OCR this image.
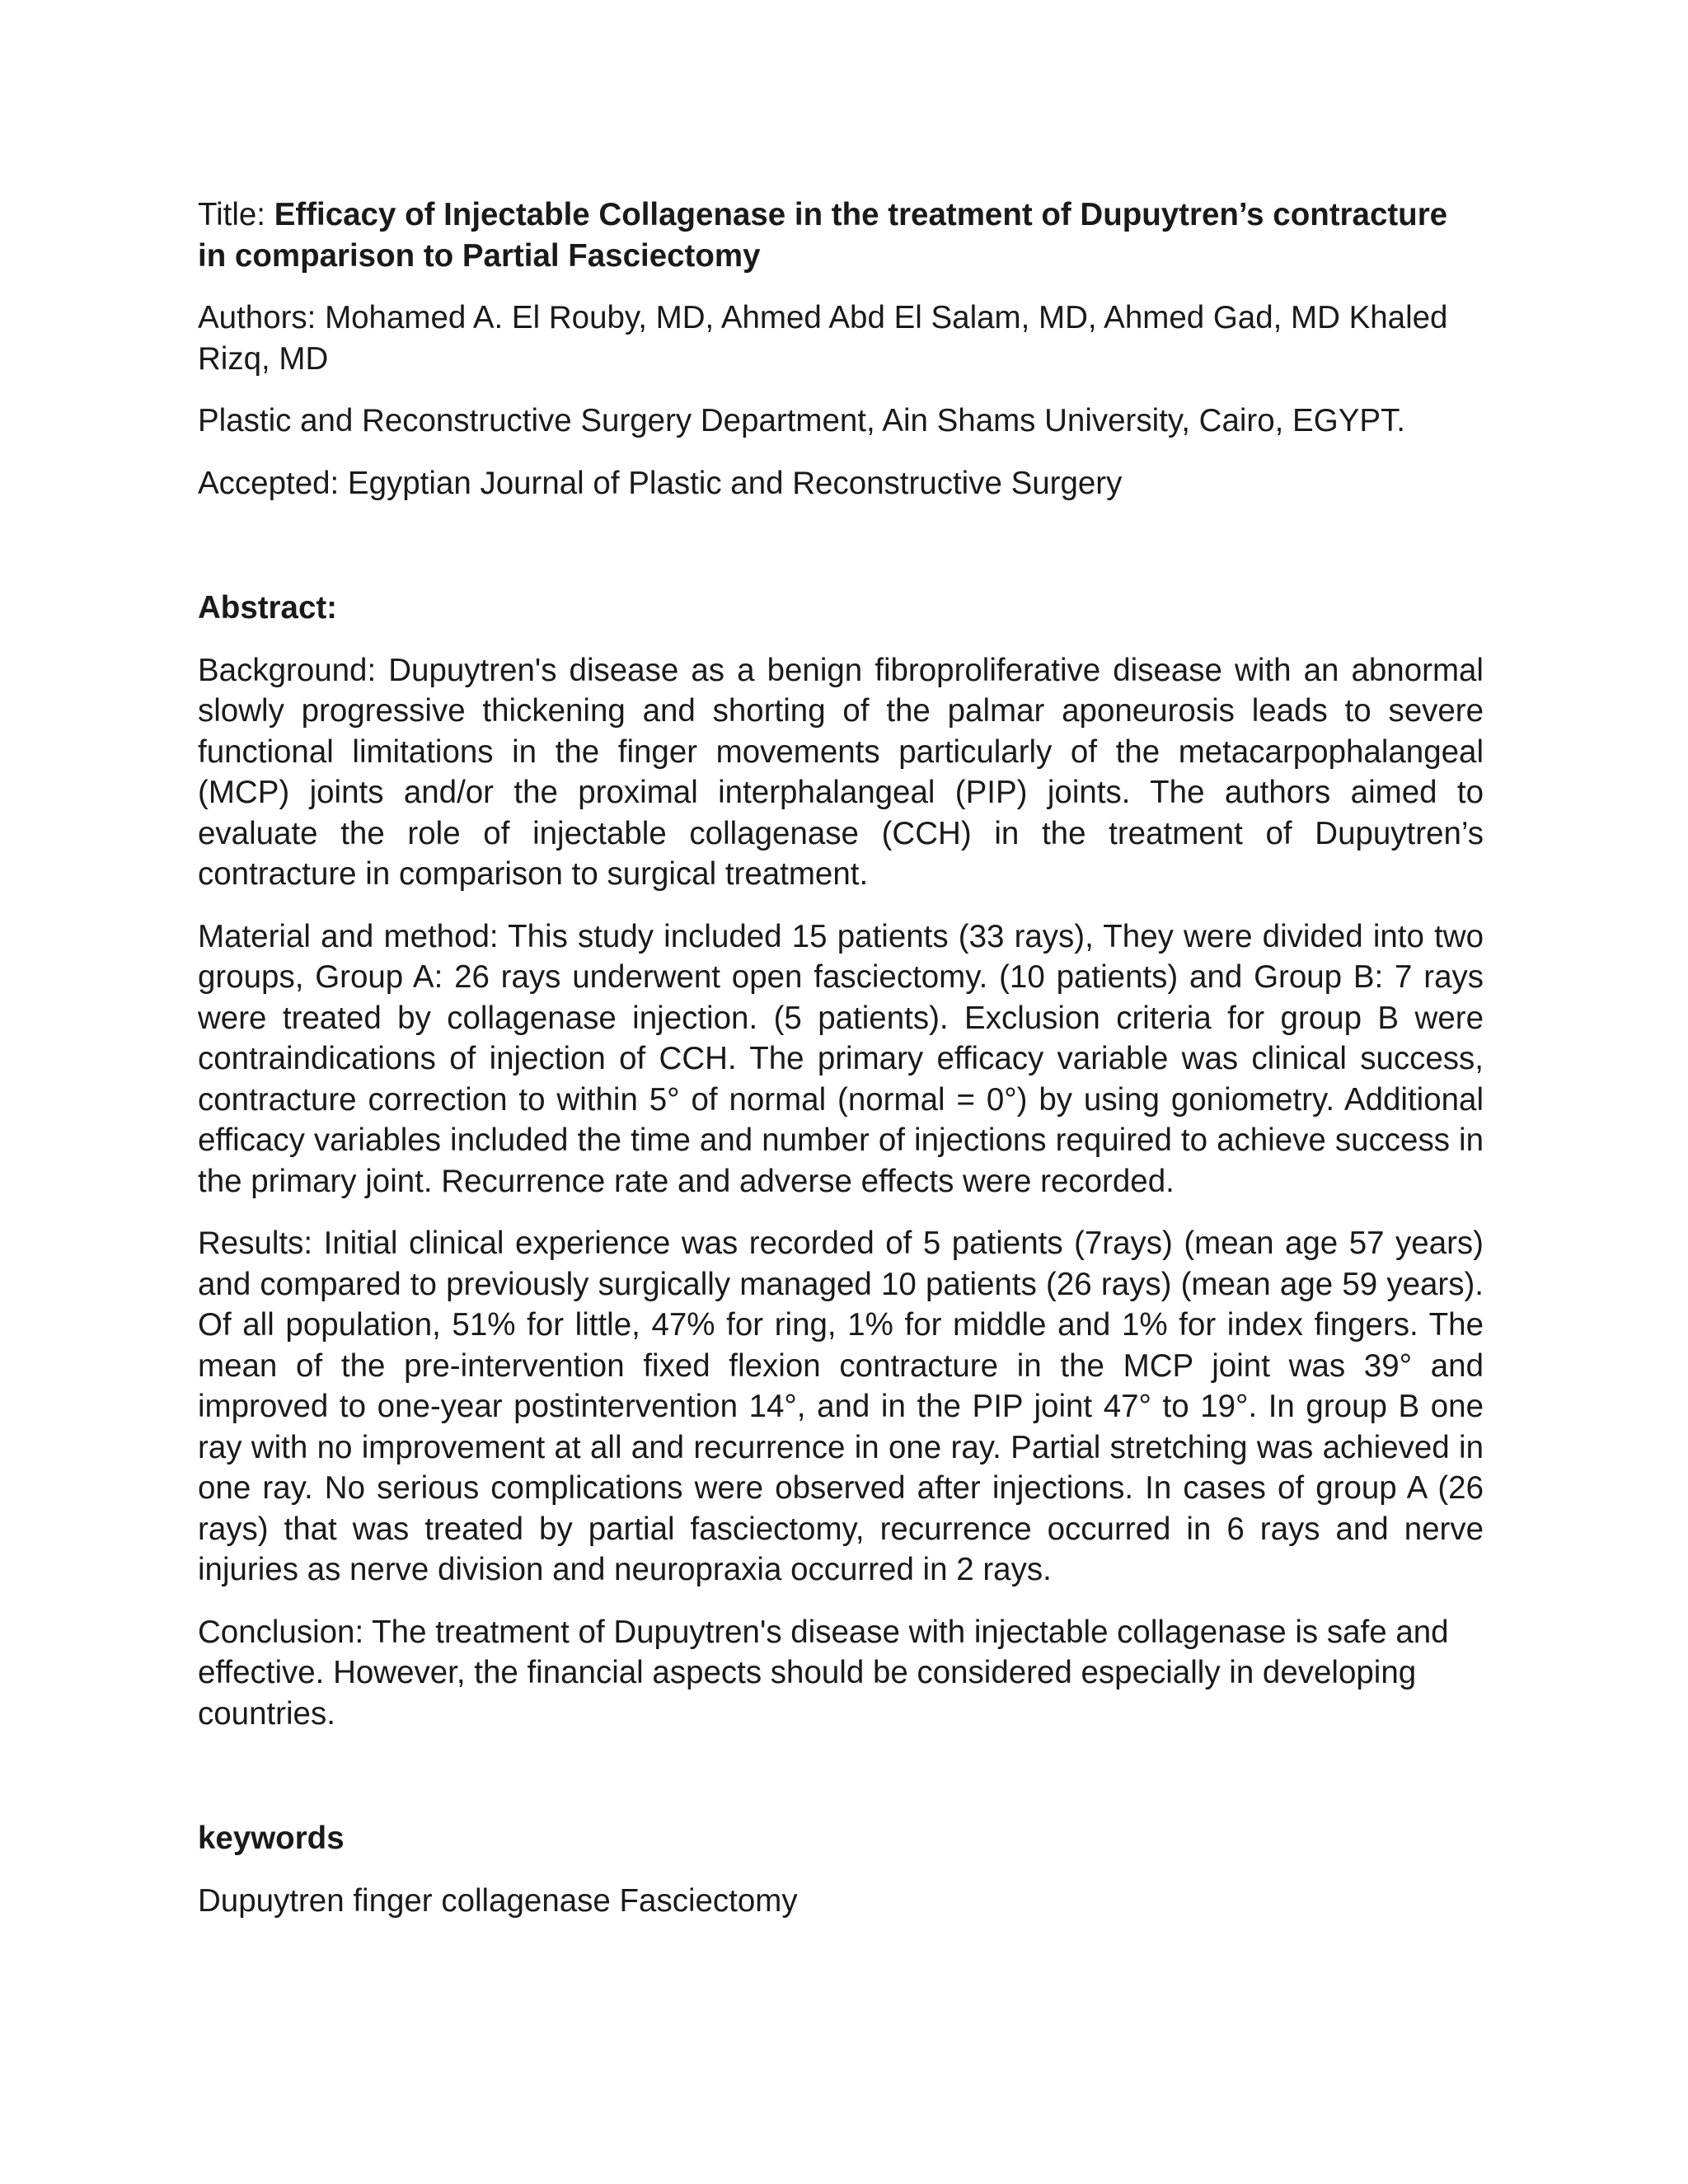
Title: Efficacy of Injectable Collagenase in the treatment of Dupuytren’s contracture in comparison to Partial Fasciectomy

Authors: Mohamed A. El Rouby, MD, Ahmed Abd El Salam, MD, Ahmed Gad, MD Khaled Rizq, MD

Plastic and Reconstructive Surgery Department, Ain Shams University, Cairo, EGYPT.

Accepted: Egyptian Journal of Plastic and Reconstructive Surgery

Abstract:

Background: Dupuytren's disease as a benign fibroproliferative disease with an abnormal slowly progressive thickening and shorting of the palmar aponeurosis leads to severe functional limitations in the finger movements particularly of the metacarpophalangeal (MCP) joints and/or the proximal interphalangeal (PIP) joints. The authors aimed to evaluate the role of injectable collagenase (CCH) in the treatment of Dupuytren’s contracture in comparison to surgical treatment.

Material and method: This study included 15 patients (33 rays), They were divided into two groups, Group A: 26 rays underwent open fasciectomy. (10 patients) and Group B: 7 rays were treated by collagenase injection. (5 patients). Exclusion criteria for group B were contraindications of injection of CCH. The primary efficacy variable was clinical success, contracture correction to within 5° of normal (normal = 0°) by using goniometry. Additional efficacy variables included the time and number of injections required to achieve success in the primary joint. Recurrence rate and adverse effects were recorded.

Results: Initial clinical experience was recorded of 5 patients (7rays) (mean age 57 years) and compared to previously surgically managed 10 patients (26 rays) (mean age 59 years). Of all population, 51% for little, 47% for ring, 1% for middle and 1% for index fingers. The mean of the pre-intervention fixed flexion contracture in the MCP joint was 39° and improved to one-year postintervention 14°, and in the PIP joint 47° to 19°. In group B one ray with no improvement at all and recurrence in one ray. Partial stretching was achieved in one ray. No serious complications were observed after injections. In cases of group A (26 rays) that was treated by partial fasciectomy, recurrence occurred in 6 rays and nerve injuries as nerve division and neuropraxia occurred in 2 rays.

Conclusion: The treatment of Dupuytren's disease with injectable collagenase is safe and effective. However, the financial aspects should be considered especially in developing countries.

keywords

Dupuytren finger collagenase Fasciectomy
